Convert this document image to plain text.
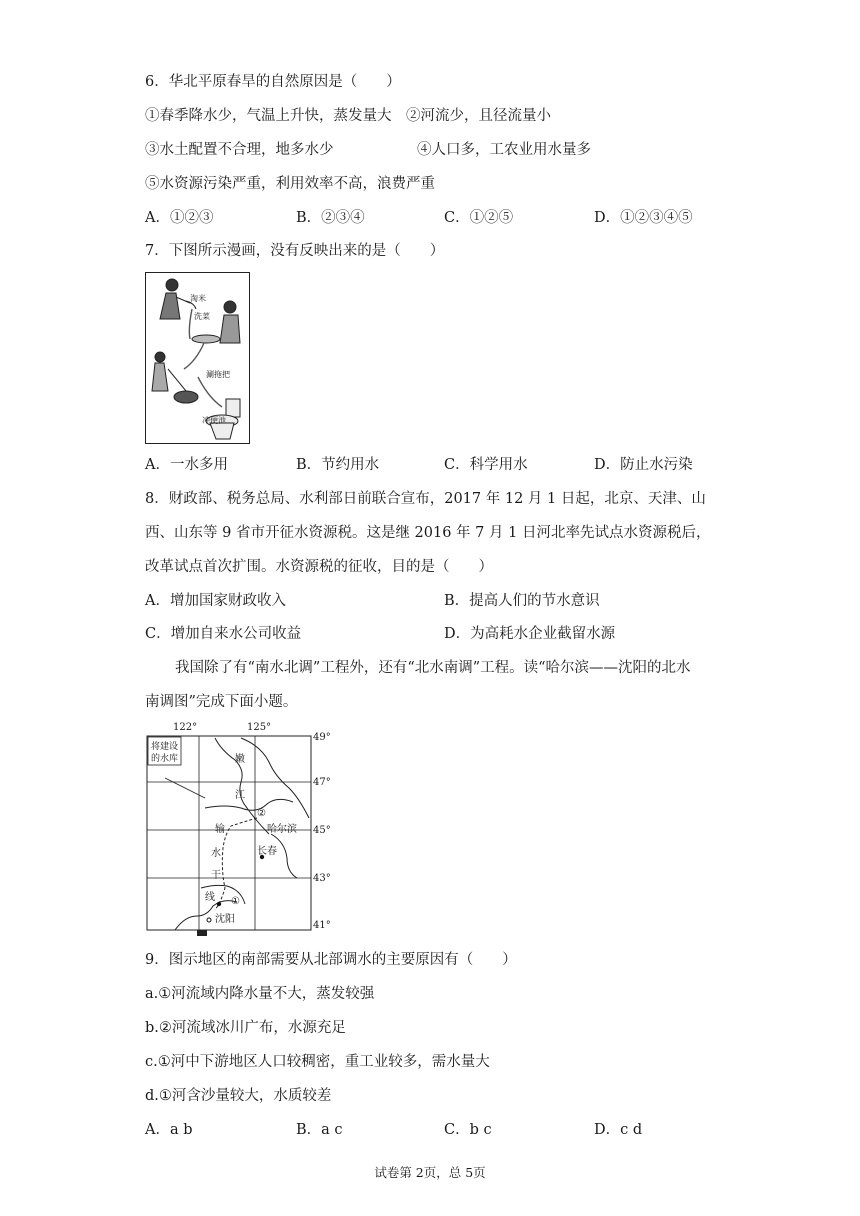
6．华北平原春旱的自然原因是（　　）
①春季降水少，气温上升快，蒸发量大　②河流少，且径流量小
③水土配置不合理，地多水少	④人口多，工农业用水量多
⑤水资源污染严重，利用效率不高，浪费严重
A．①②③	B．②③④	C．①②⑤	D．①②③④⑤
7．下图所示漫画，没有反映出来的是（　　）
淘米
洗菜
涮拖把
冲便池
A．一水多用	B．节约用水	C．科学用水	D．防止水污染
8．财政部、税务总局、水利部日前联合宣布，2017 年 12 月 1 日起，北京、天津、山
西、山东等 9 省市开征水资源税。这是继 2016 年 7 月 1 日河北率先试点水资源税后，
改革试点首次扩围。水资源税的征收，目的是（　　）
A．增加国家财政收入	B．提高人们的节水意识
C．增加自来水公司收益	D．为高耗水企业截留水源
我国除了有“南水北调”工程外，还有“北水南调”工程。读“哈尔滨——沈阳的北水
南调图”完成下面小题。
122°	125°
49°
47°
45°
43°
41°
将建设
的水库	嫩
江
输
水
干
线
哈尔滨
长春
沈阳
②
①
9．图示地区的南部需要从北部调水的主要原因有（　　）
a.①河流域内降水量不大，蒸发较强
b.②河流域冰川广布，水源充足
c.①河中下游地区人口较稠密，重工业较多，需水量大
d.①河含沙量较大，水质较差
A．a b	B．a c	C．b c	D．c d
试卷第 2页，总 5页
